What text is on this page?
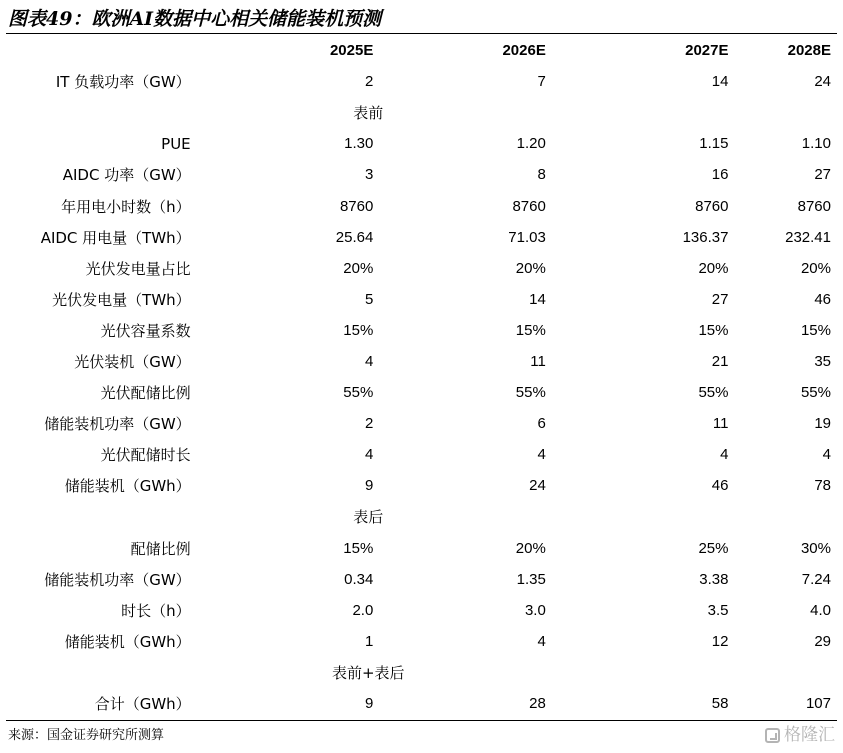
图表49：欧洲AI数据中心相关储能装机预测
	2025E	2026E	2027E	2028E
IT 负载功率（GW）	2	7	14	24
	表前			
PUE	1.30	1.20	1.15	1.10
AIDC 功率（GW）	3	8	16	27
年用电小时数（h）	8760	8760	8760	8760
AIDC 用电量（TWh）	25.64	71.03	136.37	232.41
光伏发电量占比	20%	20%	20%	20%
光伏发电量（TWh）	5	14	27	46
光伏容量系数	15%	15%	15%	15%
光伏装机（GW）	4	11	21	35
光伏配储比例	55%	55%	55%	55%
储能装机功率（GW）	2	6	11	19
光伏配储时长	4	4	4	4
储能装机（GWh）	9	24	46	78
	表后			
配储比例	15%	20%	25%	30%
储能装机功率（GW）	0.34	1.35	3.38	7.24
时长（h）	2.0	3.0	3.5	4.0
储能装机（GWh）	1	4	12	29
	表前+表后			
合计（GWh）	9	28	58	107
来源：国金证券研究所测算	格隆汇
